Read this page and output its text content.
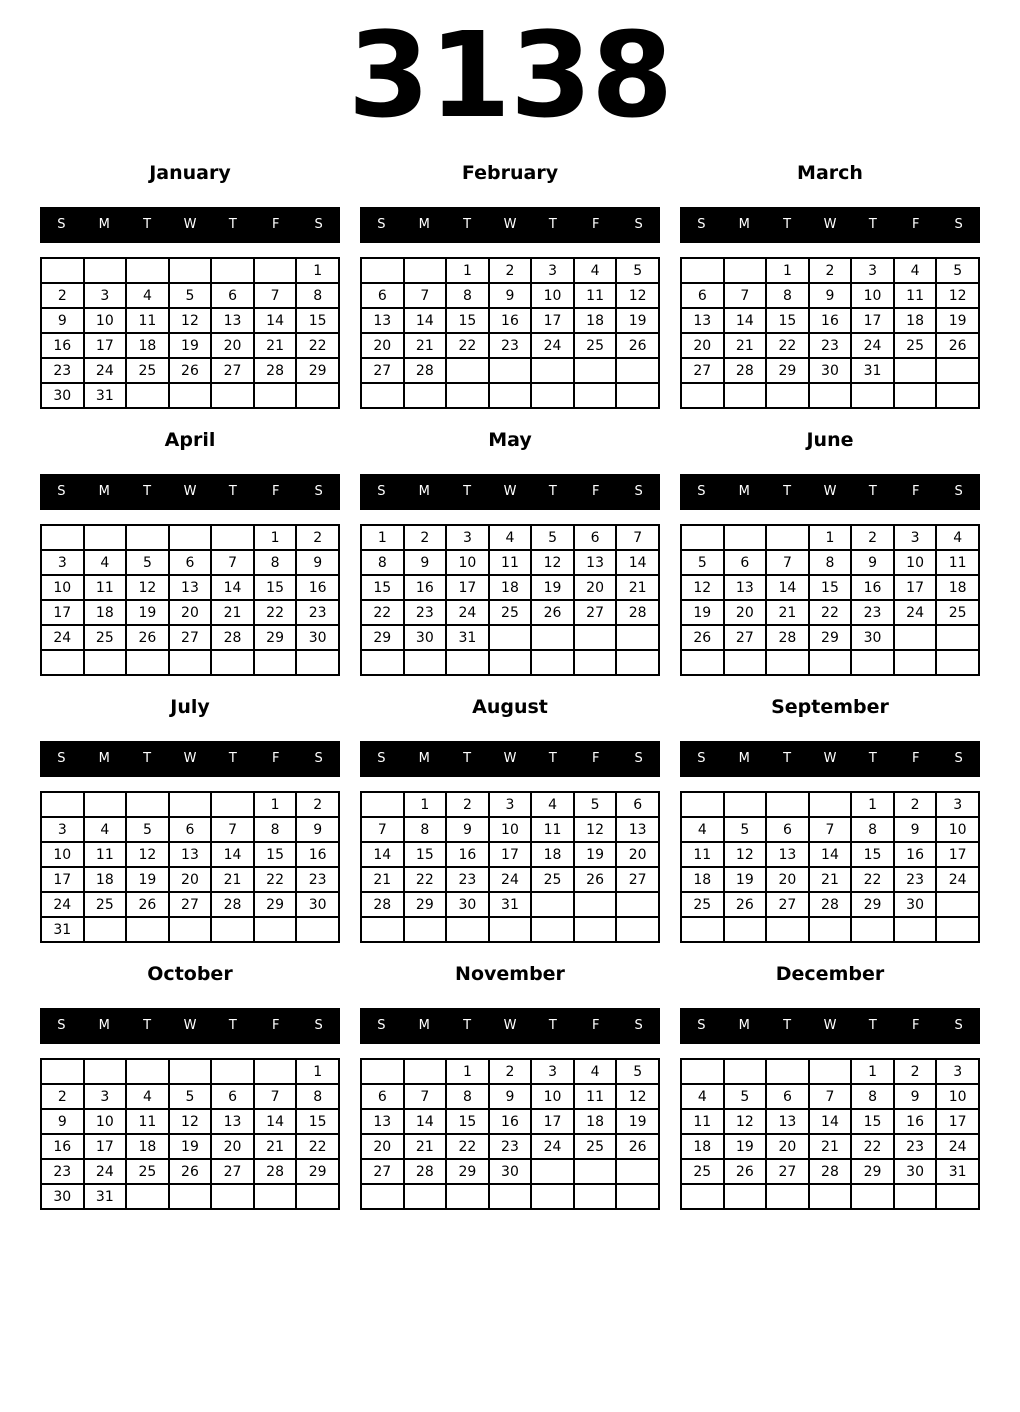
3138
January
S	M	T	W	T	F	S
						1
2	3	4	5	6	7	8
9	10	11	12	13	14	15
16	17	18	19	20	21	22
23	24	25	26	27	28	29
30	31					
February
S	M	T	W	T	F	S
		1	2	3	4	5
6	7	8	9	10	11	12
13	14	15	16	17	18	19
20	21	22	23	24	25	26
27	28					

March
S	M	T	W	T	F	S
		1	2	3	4	5
6	7	8	9	10	11	12
13	14	15	16	17	18	19
20	21	22	23	24	25	26
27	28	29	30	31		

April
S	M	T	W	T	F	S
					1	2
3	4	5	6	7	8	9
10	11	12	13	14	15	16
17	18	19	20	21	22	23
24	25	26	27	28	29	30

May
S	M	T	W	T	F	S
1	2	3	4	5	6	7
8	9	10	11	12	13	14
15	16	17	18	19	20	21
22	23	24	25	26	27	28
29	30	31				

June
S	M	T	W	T	F	S
			1	2	3	4
5	6	7	8	9	10	11
12	13	14	15	16	17	18
19	20	21	22	23	24	25
26	27	28	29	30		

July
S	M	T	W	T	F	S
					1	2
3	4	5	6	7	8	9
10	11	12	13	14	15	16
17	18	19	20	21	22	23
24	25	26	27	28	29	30
31						
August
S	M	T	W	T	F	S
	1	2	3	4	5	6
7	8	9	10	11	12	13
14	15	16	17	18	19	20
21	22	23	24	25	26	27
28	29	30	31			

September
S	M	T	W	T	F	S
				1	2	3
4	5	6	7	8	9	10
11	12	13	14	15	16	17
18	19	20	21	22	23	24
25	26	27	28	29	30	

October
S	M	T	W	T	F	S
						1
2	3	4	5	6	7	8
9	10	11	12	13	14	15
16	17	18	19	20	21	22
23	24	25	26	27	28	29
30	31					
November
S	M	T	W	T	F	S
		1	2	3	4	5
6	7	8	9	10	11	12
13	14	15	16	17	18	19
20	21	22	23	24	25	26
27	28	29	30			

December
S	M	T	W	T	F	S
				1	2	3
4	5	6	7	8	9	10
11	12	13	14	15	16	17
18	19	20	21	22	23	24
25	26	27	28	29	30	31
